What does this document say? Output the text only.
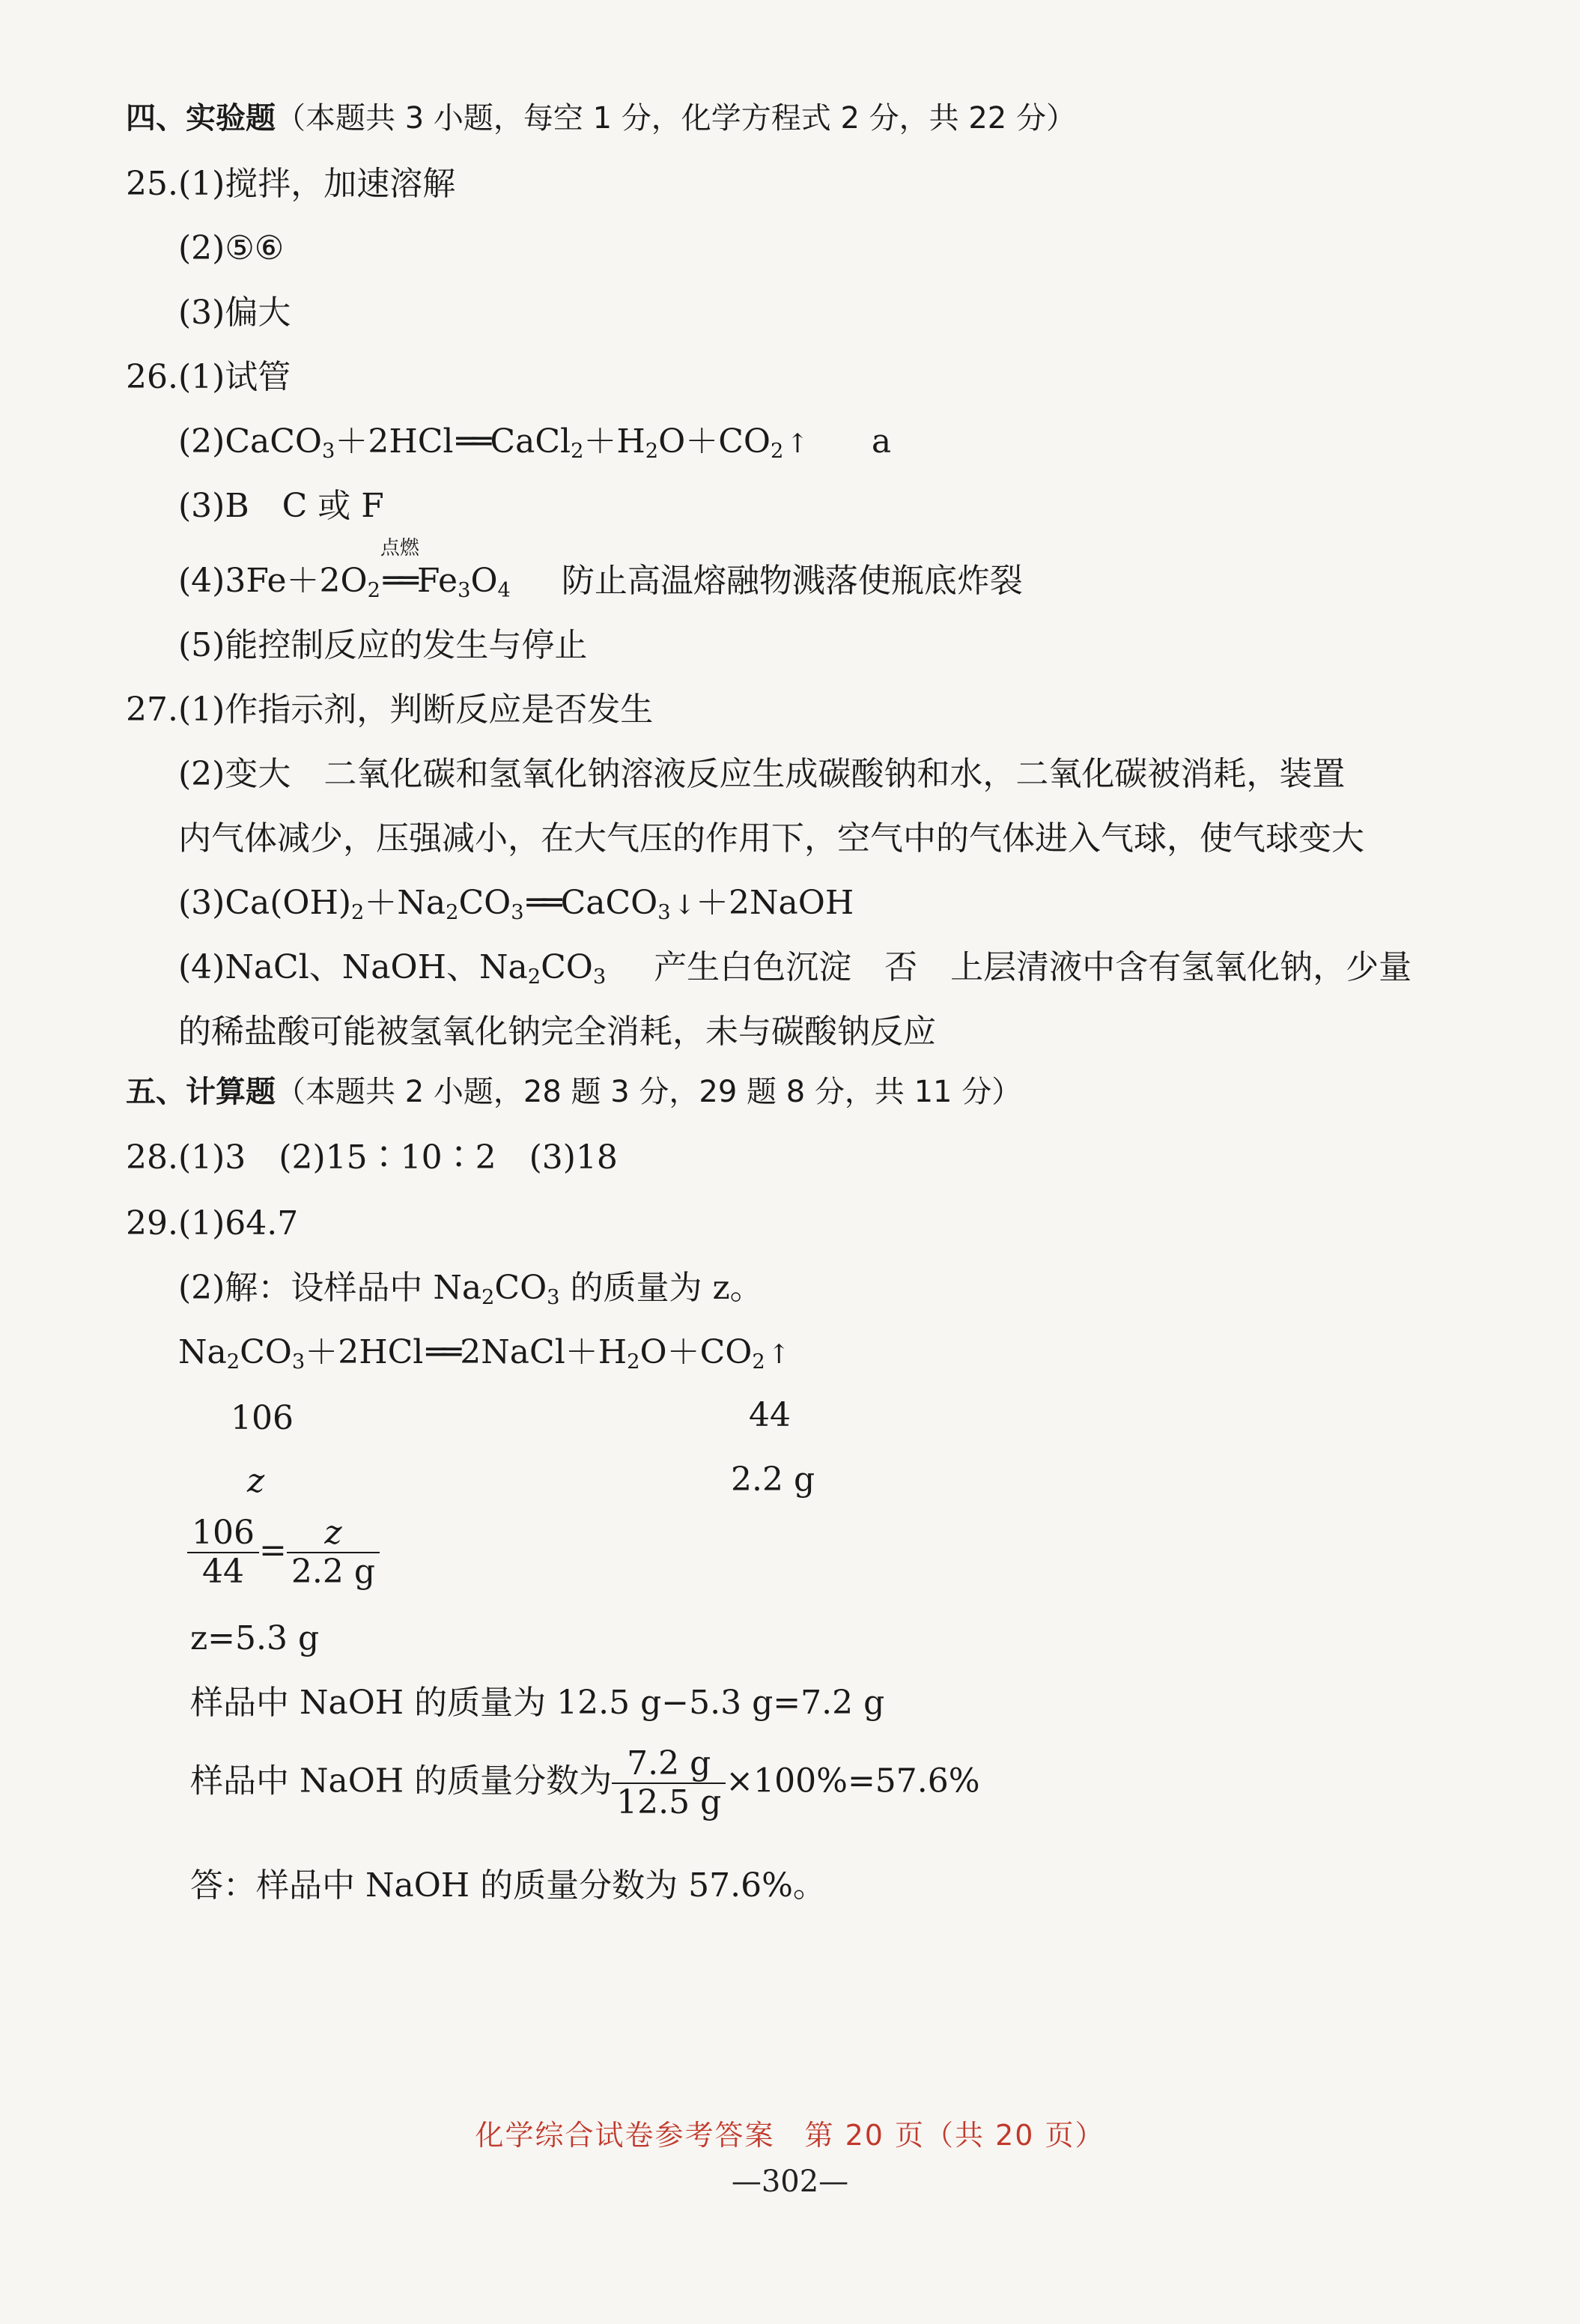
四、实验题（本题共 3 小题，每空 1 分，化学方程式 2 分，共 22 分）
25.(1)搅拌，加速溶解
(2)⑤⑥
(3)偏大
26.(1)试管
$(2)CaCO_3+2HCl══CaCl_2+H_2O+CO_2$ ↑ a
(3)B　C 或 F
$(4)3Fe+2O_2$
点燃
$══Fe_3O_4$ 防止高温熔融物溅落使瓶底炸裂
(5)能控制反应的发生与停止
27.(1)作指示剂，判断反应是否发生
(2)变大　二氧化碳和氢氧化钠溶液反应生成碳酸钠和水，二氧化碳被消耗，装置
内气体减少，压强减小，在大气压的作用下，空气中的气体进入气球，使气球变大
$(3)Ca(OH)_2+Na_2CO_3══CaCO_3$ ↓＋2NaOH
(4)NaCl、NaOH、$Na_2CO_3$ 产生白色沉淀　否　上层清液中含有氢氧化钠，少量
的稀盐酸可能被氢氧化钠完全消耗，未与碳酸钠反应
五、计算题（本题共 2 小题，28 题 3 分，29 题 8 分，共 11 分）
28.(1)3　(2)15∶10∶2　(3)18
29.(1)64.7
(2)解：设样品中 $Na_2CO_3$ 的质量为 z。
$Na_2CO_3+2HCl══2NaCl+H_2O+CO_2$ ↑
106	44
z	2.2 g
$\frac{106}{44} = \frac{z}{2.2 g}$
z=5.3 g
样品中 NaOH 的质量为 12.5 g−5.3 g=7.2 g
样品中 NaOH 的质量分数为 $\frac{7.2 g}{12.5 g} \times 100\%=57.6\%$
答：样品中 NaOH 的质量分数为 57.6%。
化学综合试卷参考答案　第 20 页（共 20 页）
—302—
